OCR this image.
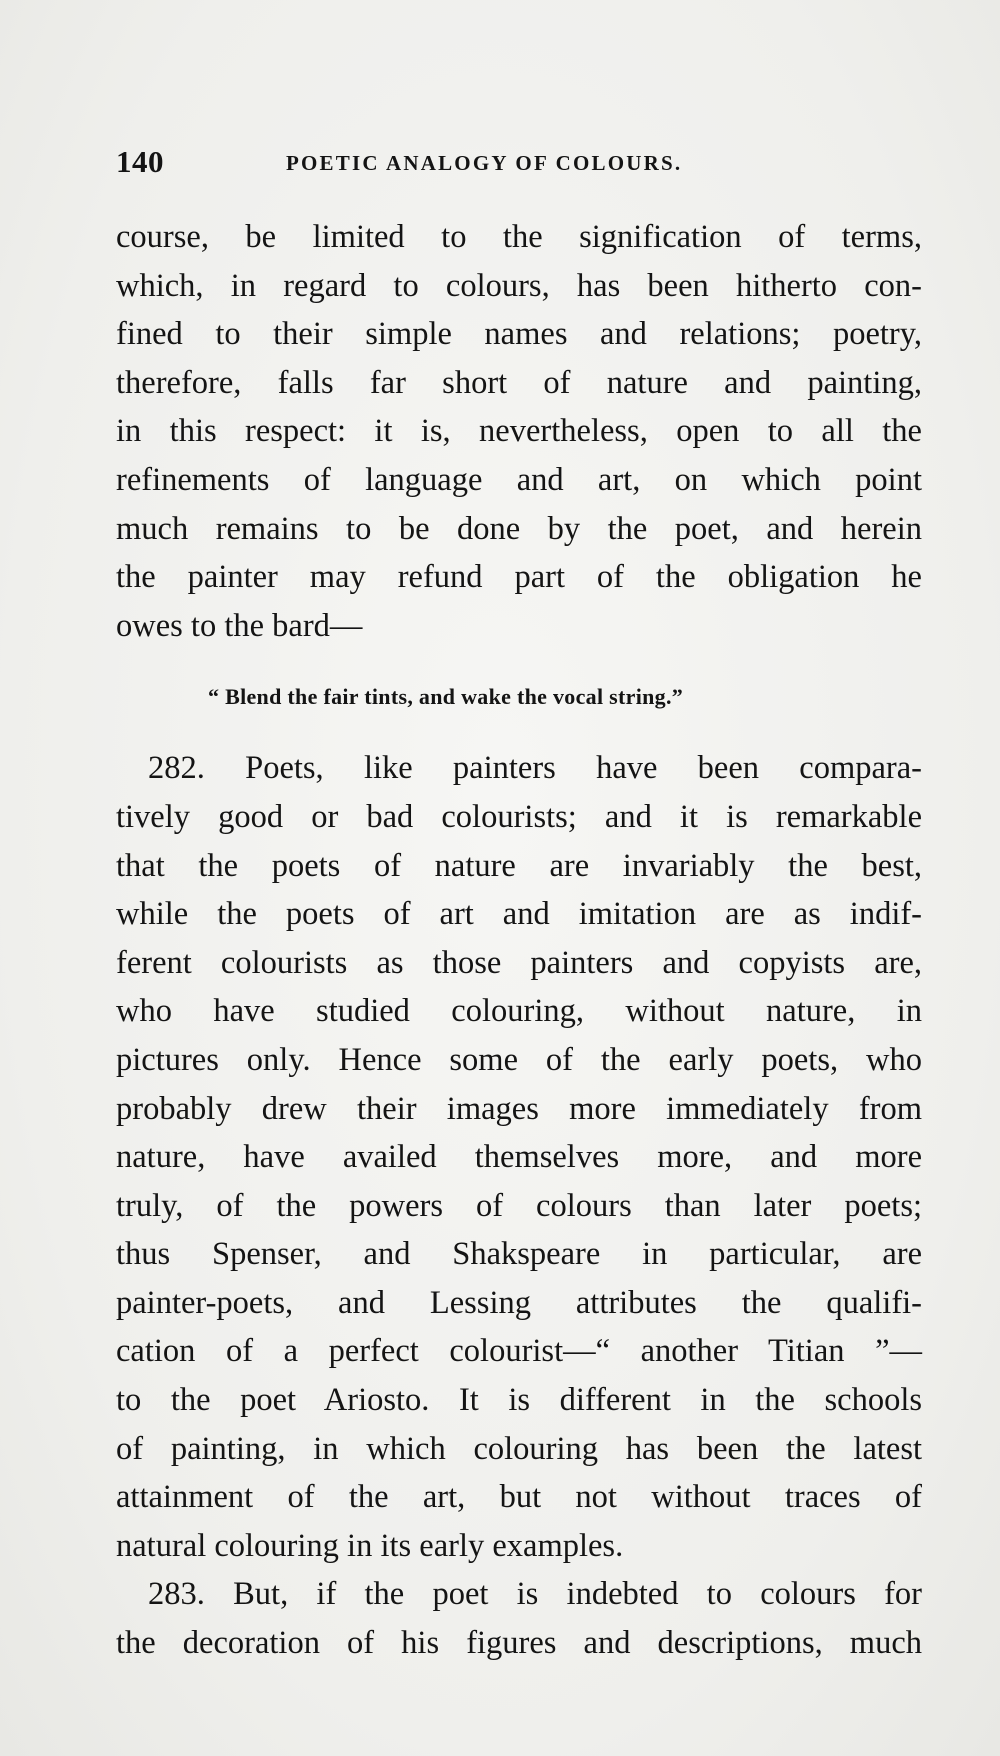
140	POETIC ANALOGY OF COLOURS.
course, be limited to the signification of terms,
which, in regard to colours, has been hitherto con-
fined to their simple names and relations; poetry,
therefore, falls far short of nature and painting,
in this respect: it is, nevertheless, open to all the
refinements of language and art, on which point
much remains to be done by the poet, and herein
the painter may refund part of the obligation he
owes to the bard—
“ Blend the fair tints, and wake the vocal string.”
282. Poets, like painters have been compara-
tively good or bad colourists; and it is remarkable
that the poets of nature are invariably the best,
while the poets of art and imitation are as indif-
ferent colourists as those painters and copyists are,
who have studied colouring, without nature, in
pictures only. Hence some of the early poets, who
probably drew their images more immediately from
nature, have availed themselves more, and more
truly, of the powers of colours than later poets;
thus Spenser, and Shakspeare in particular, are
painter-poets, and Lessing attributes the qualifi-
cation of a perfect colourist—“ another Titian ”—
to the poet Ariosto. It is different in the schools
of painting, in which colouring has been the latest
attainment of the art, but not without traces of
natural colouring in its early examples.
283. But, if the poet is indebted to colours for
the decoration of his figures and descriptions, much
